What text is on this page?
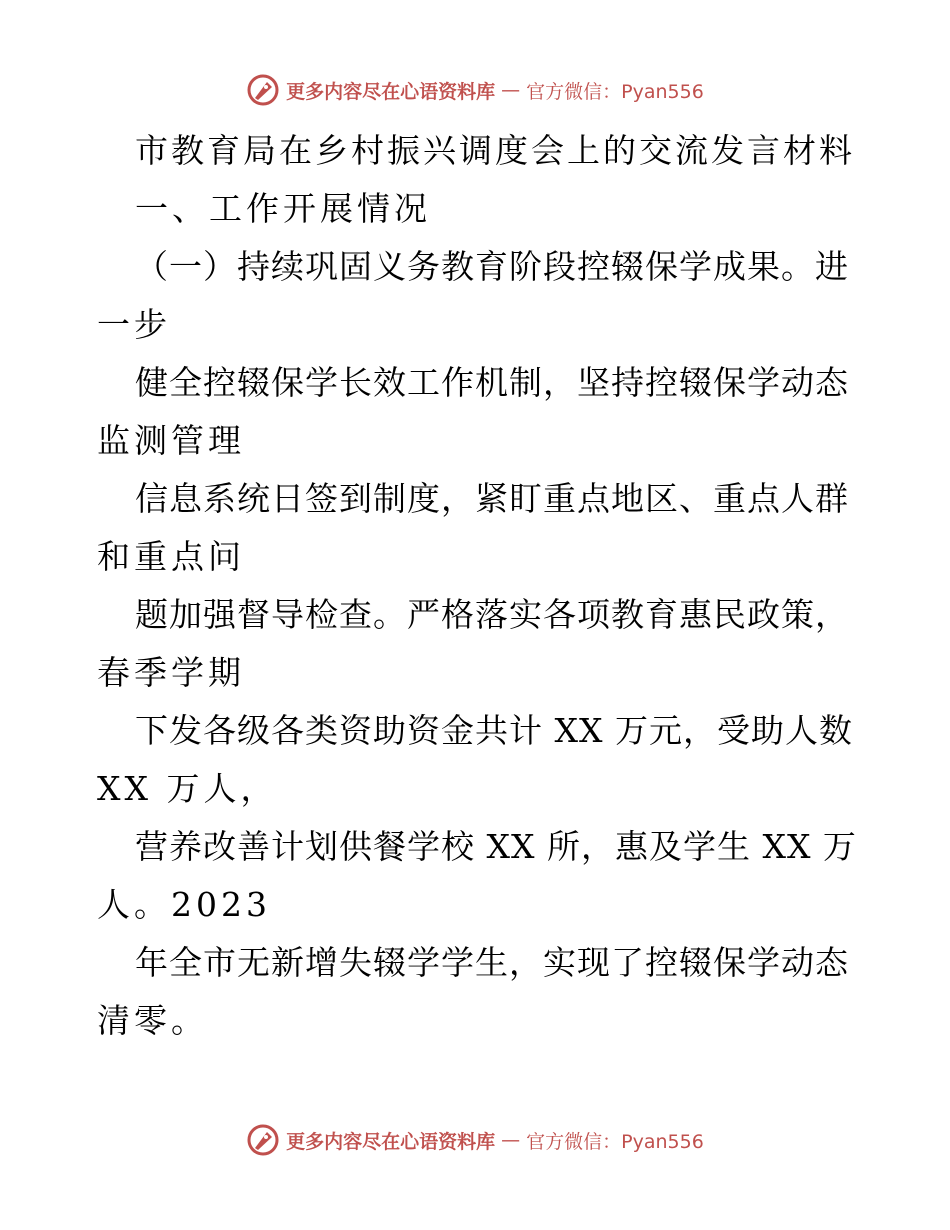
更多内容尽在心语资料库 — 官方微信：Pyan556
市教育局在乡村振兴调度会上的交流发言材料
一、工作开展情况
（一）持续巩固义务教育阶段控辍保学成果。进
一步
健全控辍保学长效工作机制，坚持控辍保学动态
监测管理
信息系统日签到制度，紧盯重点地区、重点人群
和重点问
题加强督导检查。严格落实各项教育惠民政策，
春季学期
下发各级各类资助资金共计 XX 万元，受助人数
XX 万人，
营养改善计划供餐学校 XX 所，惠及学生 XX 万
人。2023
年全市无新增失辍学学生，实现了控辍保学动态
清零。
更多内容尽在心语资料库 — 官方微信：Pyan556
